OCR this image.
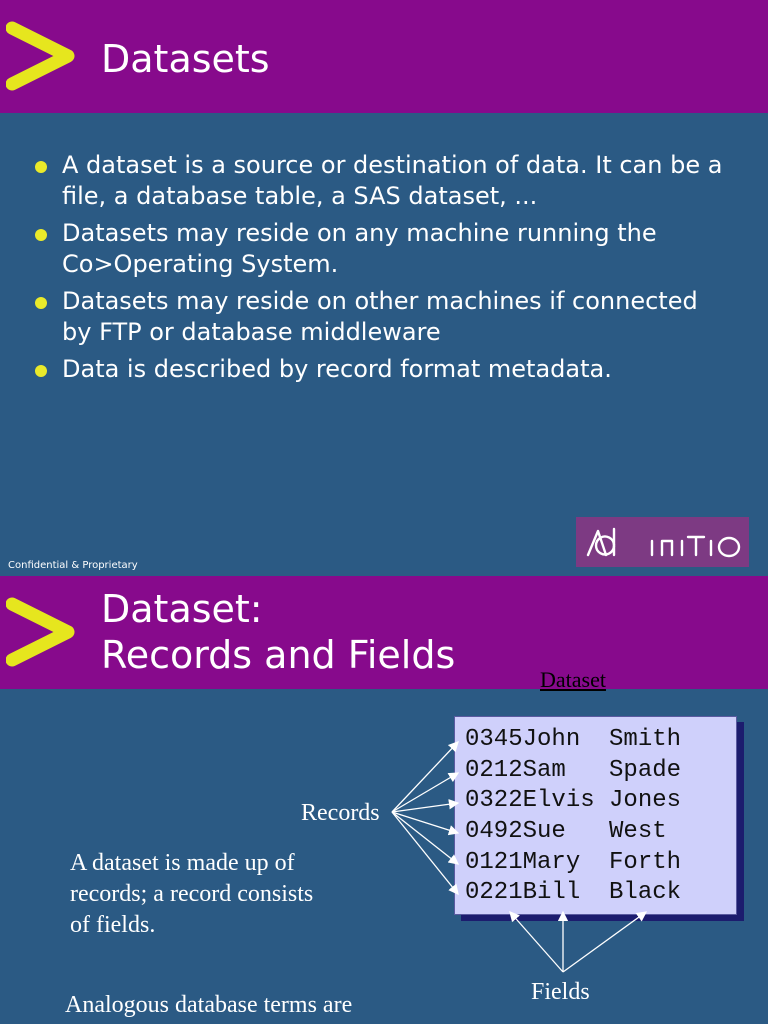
Datasets
A dataset is a source or destination of data. It can be a file, a database table, a SAS dataset, ...
Datasets may reside on any machine running the Co>Operating System.
Datasets may reside on other machines if connected by FTP or database middleware
Data is described by record format metadata.
Confidential & Proprietary
Dataset:
Records and Fields
Dataset
0345John  Smith
0212Sam   Spade
0322Elvis Jones
0492Sue   West
0121Mary  Forth
0221Bill  Black
Records
Fields
A dataset is made up of records; a record consists of fields.
Analogous database terms are
